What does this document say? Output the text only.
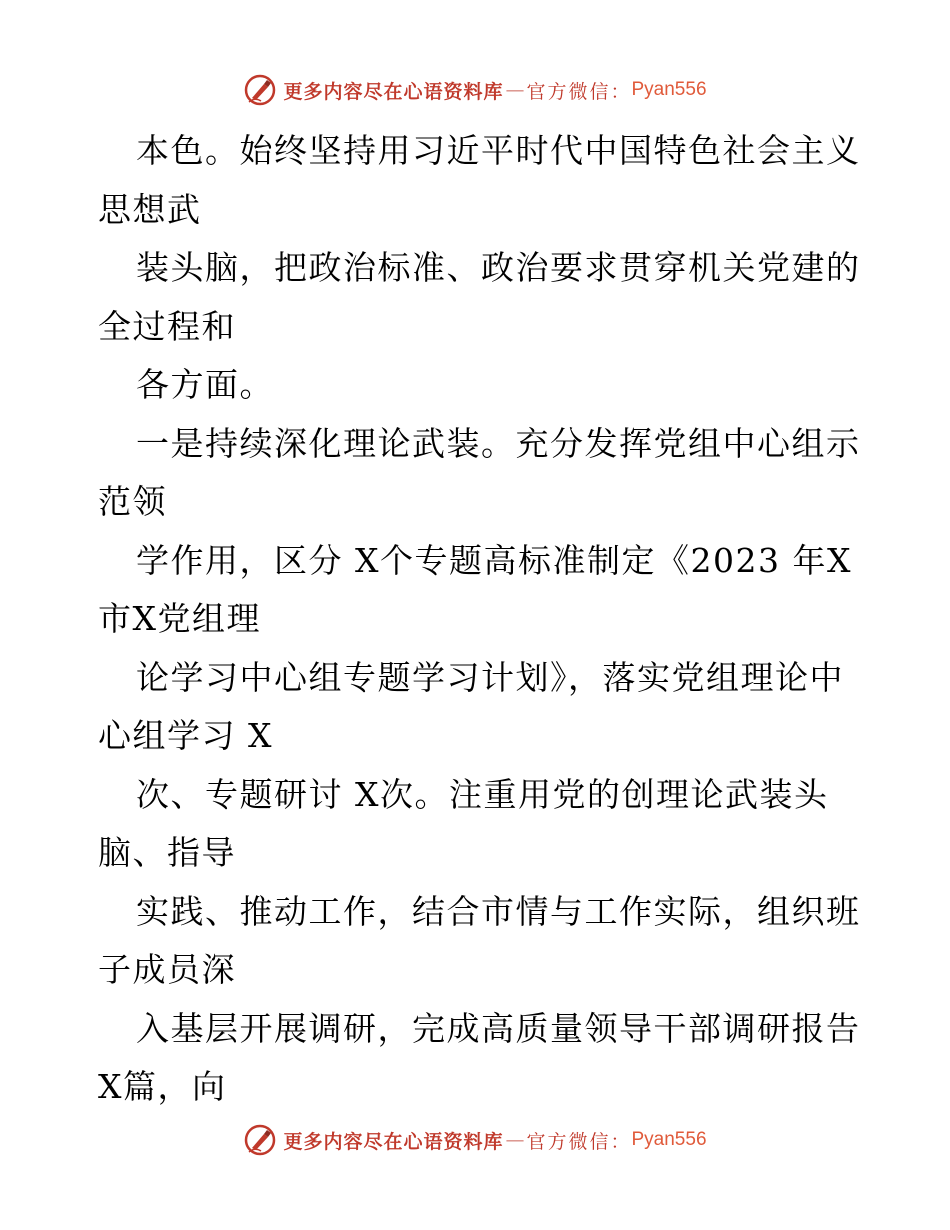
更多内容尽在心语资料库 — 官方微信： Pyan556
本色。始终坚持用习近平时代中国特色社会主义
思想武
装头脑，把政治标准、政治要求贯穿机关党建的
全过程和
各方面。
一是持续深化理论武装。充分发挥党组中心组示
范领
学作用，区分 X个专题高标准制定《2023 年X
市X党组理
论学习中心组专题学习计划》，落实党组理论中
心组学习 X
次、专题研讨 X次。注重用党的创理论武装头
脑、指导
实践、推动工作，结合市情与工作实际，组织班
子成员深
入基层开展调研，完成高质量领导干部调研报告
X篇，向
更多内容尽在心语资料库 — 官方微信： Pyan556
